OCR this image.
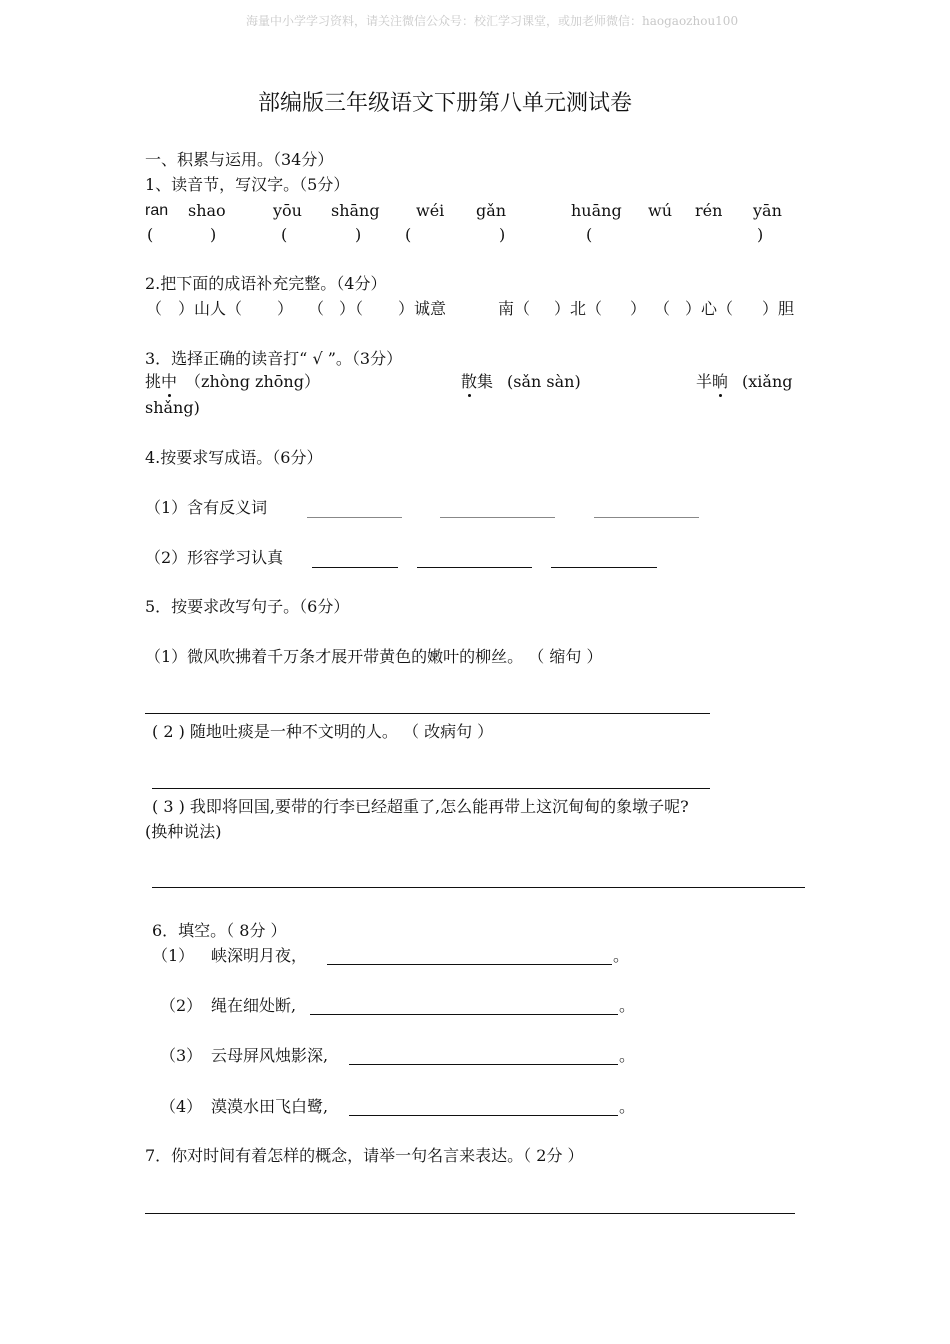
海量中小学学习资料，请关注微信公众号：校汇学习课堂，或加老师微信：haogaozhou100
部编版三年级语文下册第八单元测试卷
一、积累与运用。（34分）
1、读音节，写汉字。（5分）
ran shao	yōu shāng wéi gǎn	huāng wú rén yān
(	)	(	)	(	)	(	)
2.把下面的成语补充完整。（4分）
（ ）山人（ ） （ ）（ ）诚意	南（ ）北（ ） （ ）心（ ）胆
3．选择正确的读音打“ √ ”。（3分）
挑中 （zhòng zhōng）	散集 (sǎn sàn)	半晌 (xiǎng
shǎng)
4.按要求写成语。（6分）
（1）含有反义词
（2）形容学习认真
5．按要求改写句子。（6分）
（1）微风吹拂着千万条才展开带黄色的嫩叶的柳丝。 （ 缩句 ）
( 2 ) 随地吐痰是一种不文明的人。 （ 改病句 ）
( 3 ) 我即将回国,要带的行李已经超重了,怎么能再带上这沉甸甸的象墩子呢?
(换种说法)
6．填空。（ 8分 ）
（1） 峡深明月夜，	。
（2） 绳在细处断,	。
（3） 云母屏风烛影深,	。
（4） 漠漠水田飞白鹭,	。
7．你对时间有着怎样的概念，请举一句名言来表达。（ 2分 ）
